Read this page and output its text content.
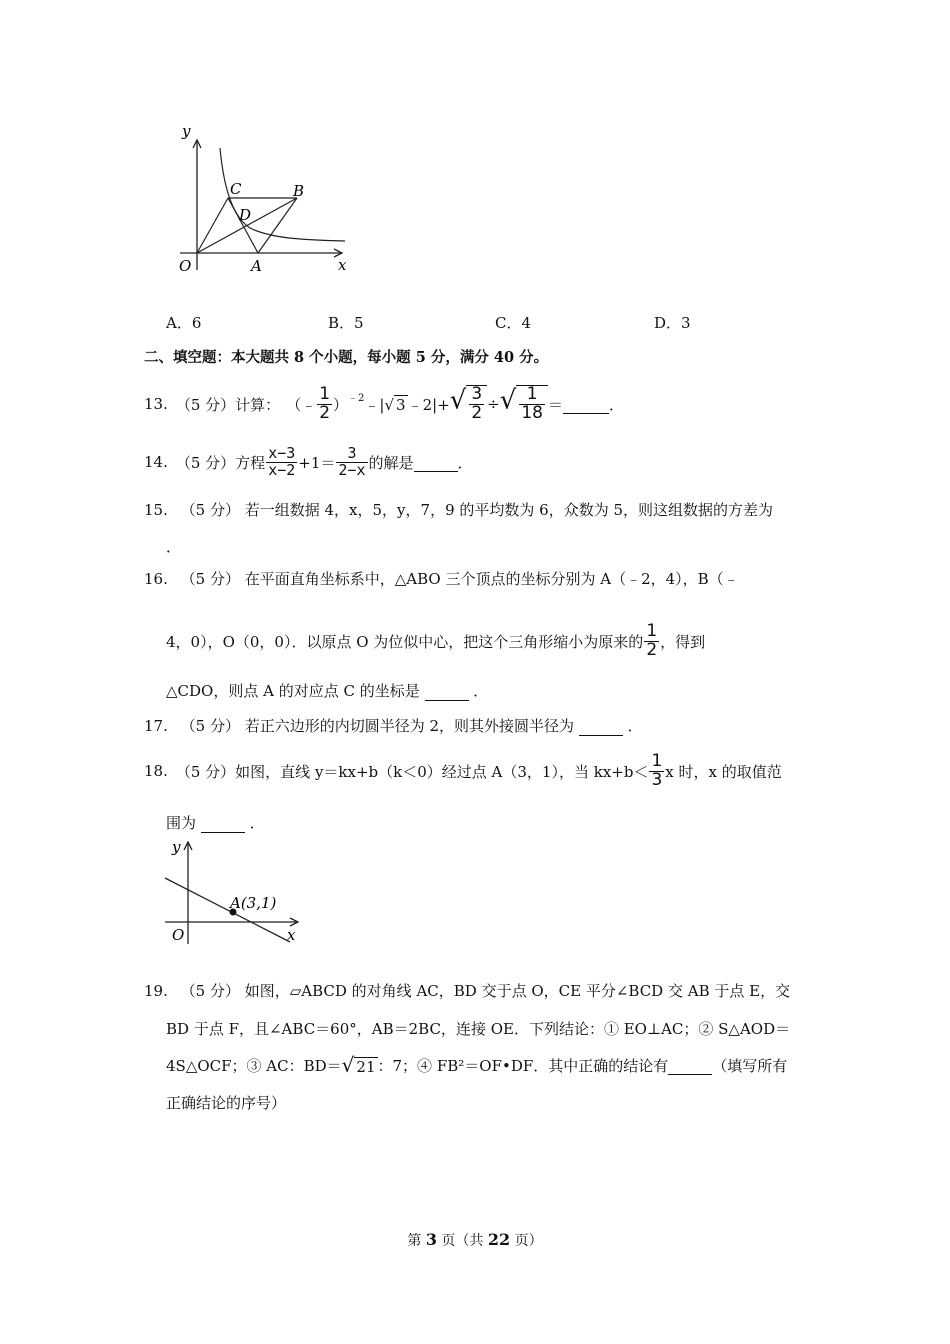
y
x
O	A
B
C
D
A．6	B．5	C．4	D．3
二、填空题：本大题共 8 个小题，每小题 5 分，满分 40 分。
13. （5 分） 计算： （﹣ $\frac{1}{2} )^{﹣2}$ ﹣| √ 3 ﹣2|+ √ $\frac{3}{2}$ ÷ √ $\frac{1}{18}$ ＝
	．
14. （5 分） 方程 $\frac{x-3}{x-2} +1= \frac{3}{2-x}$ 的解是
	．
15. （5 分） 若一组数据 4，x，5，y，7，9 的平均数为 6，众数为 5，则这组数据的方差为
．
16. （5 分） 在平面直角坐标系中，△ABO 三个顶点的坐标分别为 A（﹣2，4），B（﹣
4，0），O（0，0）．以原点 O 为位似中心，把这个三角形缩小为原来的 $\frac{1}{2}$ ，得到
△CDO，则点 A 的对应点 C 的坐标是	．
17. （5 分） 若正六边形的内切圆半径为 2，则其外接圆半径为	．
18. （5 分） 如图，直线 y＝kx+b（k＜0）经过点 A（3，1），当 $kx+b< \frac{1}{3}$ x 时，x 的取值范
围为	．
y
x
O
A(3,1)
19. （5 分） 如图，▱ABCD 的对角线 AC，BD 交于点 O，CE 平分∠BCD 交 AB 于点 E，交
BD 于点 F，且∠ABC＝60°，AB＝2BC，连接 OE．下列结论：① EO⊥AC；② S△AOD＝
4S△OCF；③ AC：BD＝ √ 21 ：7；④ FB²＝OF•DF．其中正确的结论有
	（填写所有
正确结论的序号）
第 3 页（共 22 页）
